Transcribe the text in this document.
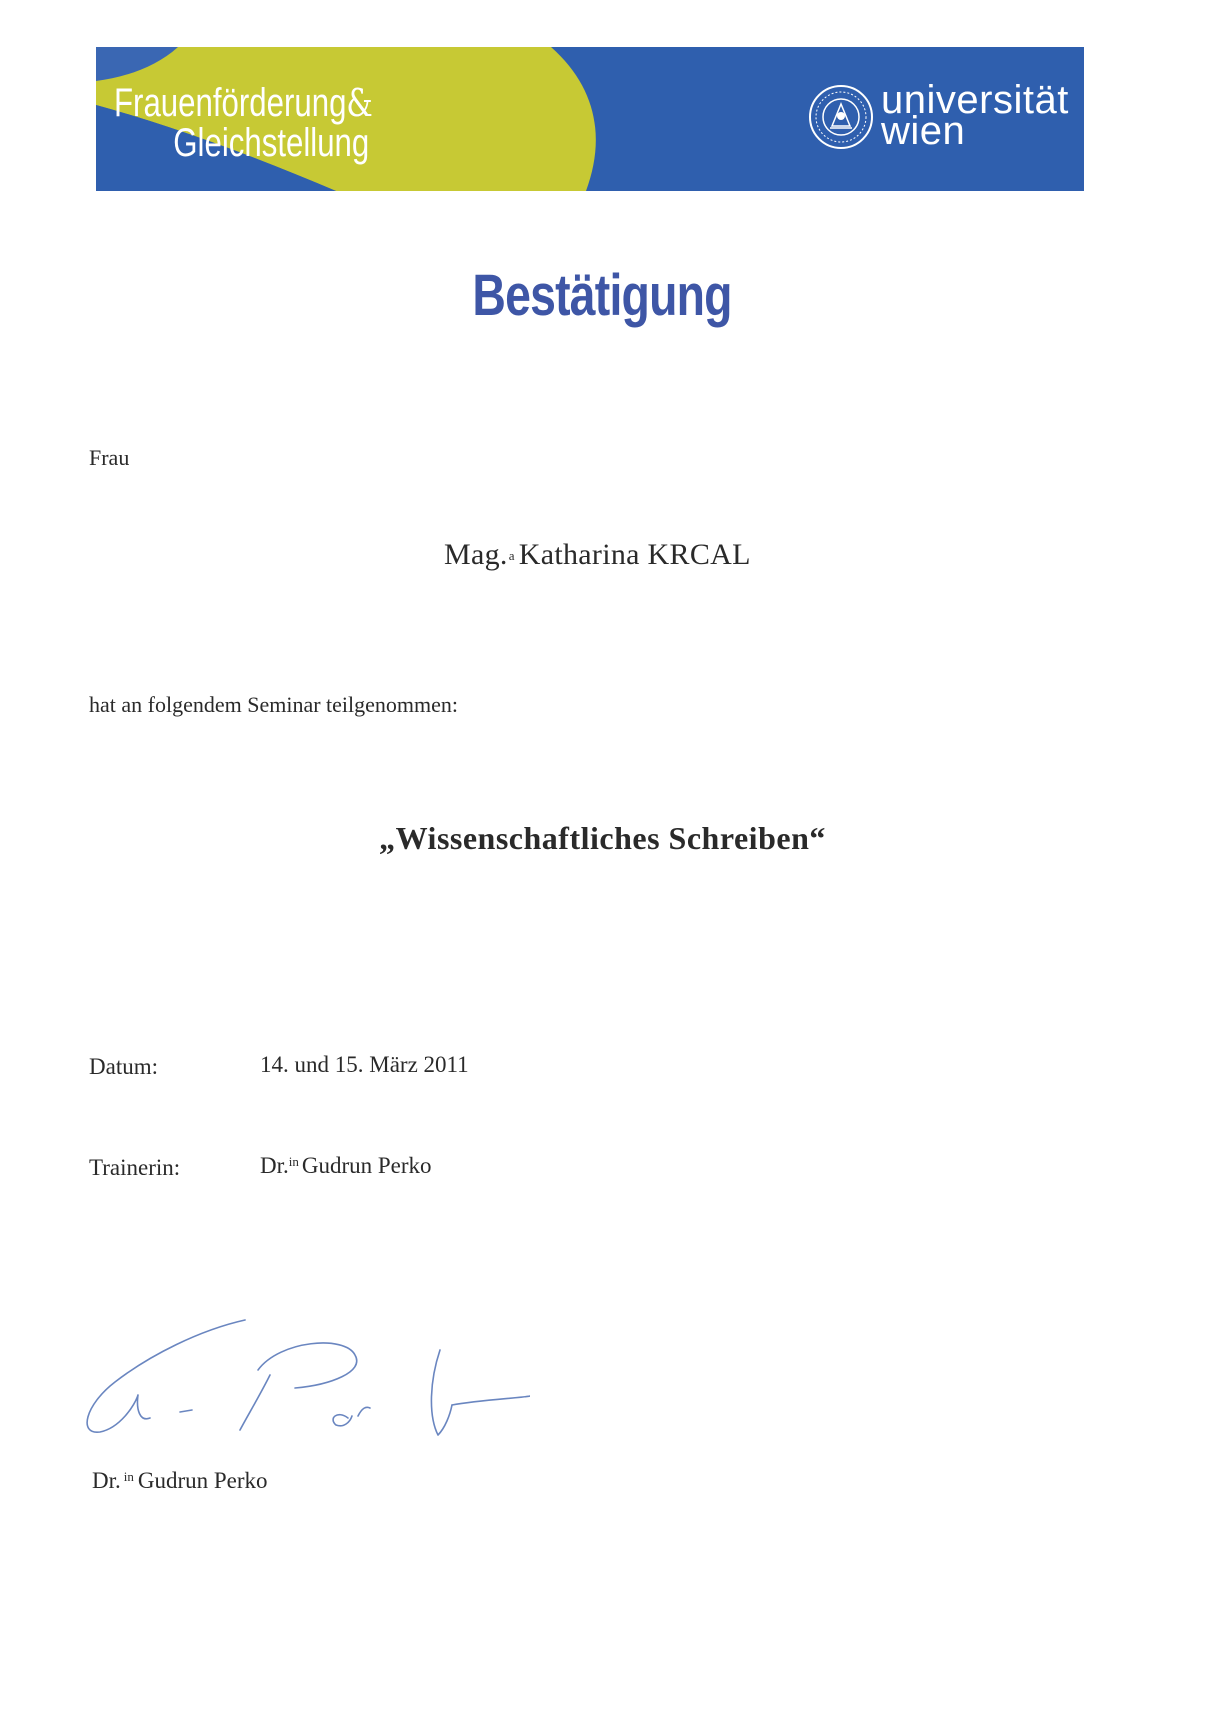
Frauenförderung&
Gleichstellung
universität
wien
Bestätigung
Frau
Mag.$^a$ Katharina KRCAL
hat an folgendem Seminar teilgenommen:
„Wissenschaftliches Schreiben“
Datum:	14. und 15. März 2011
Trainerin:	Dr.$^{in}$ Gudrun Perko
Dr. $^{in}$ Gudrun Perko
